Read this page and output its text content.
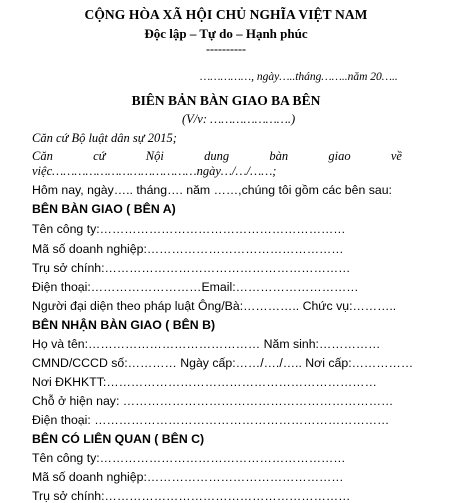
CỘNG HÒA XÃ HỘI CHỦ NGHĨA VIỆT NAM
Độc lập – Tự do – Hạnh phúc
----------
……………, ngày…..tháng……..năm 20…..
BIÊN BẢN BÀN GIAO BA BÊN
(V/v: ………………….)
Căn cứ Bộ luật dân sự 2015;
Căn	cứ	Nội	dung	bàn	giao	về
việc…………………………………ngày…/…/……;
Hôm nay, ngày….. tháng…. năm ……,chúng tôi gồm các bên sau:
BÊN BÀN GIAO ( BÊN A)
Tên công ty:……………………………………………………
Mã số doanh nghiệp:…………………………………………
Trụ sở chính:……………………………………………………
Điện thoại:………………………Email:…………………………
Người đại diện theo pháp luật Ông/Bà:………….. Chức vụ:………..
BÊN NHẬN BÀN GIAO ( BÊN B)
Họ và tên:…………………………………… Năm sinh:……………
CMND/CCCD số:………… Ngày cấp:……/…./….. Nơi cấp:……………
Nơi ĐKHKTT:…………………………………………………………
Chỗ ở hiện nay: …………………………………………………………
Điện thoại: ………………………………………………………………
BÊN CÓ LIÊN QUAN ( BÊN C)
Tên công ty:……………………………………………………
Mã số doanh nghiệp:…………………………………………
Trụ sở chính:……………………………………………………
